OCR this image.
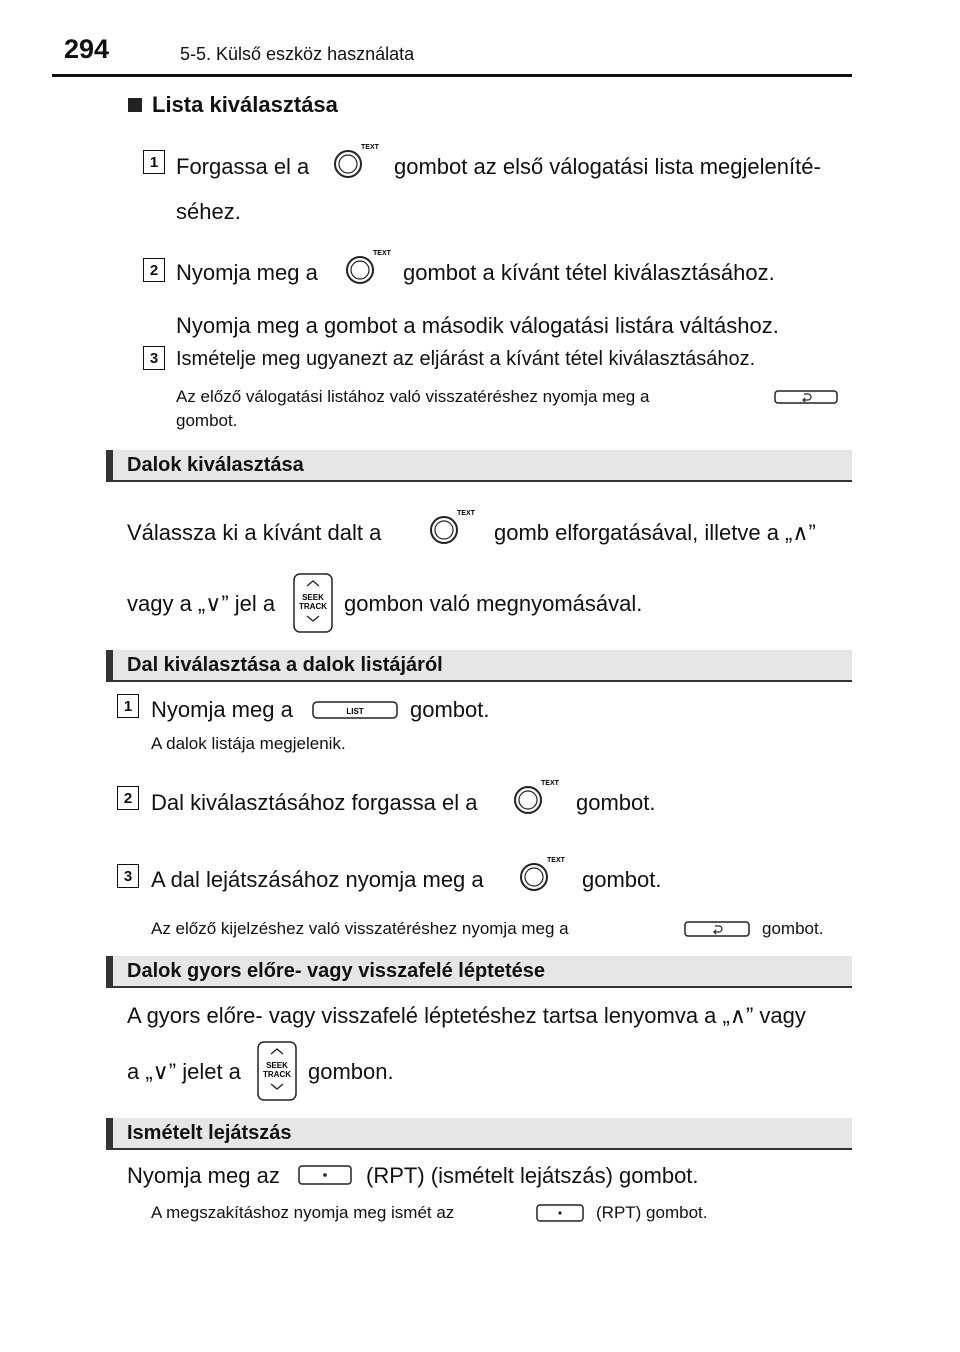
294	5-5. Külső eszköz használata
Lista kiválasztása
1 Forgassa el a
TEXT
gombot az első válogatási lista megjeleníté-
séhez.
2 Nyomja meg a
TEXT
gombot a kívánt tétel kiválasztásához.
Nyomja meg a gombot a második válogatási listára váltáshoz.
3 Ismételje meg ugyanezt az eljárást a kívánt tétel kiválasztásához.
Az előző válogatási listához való visszatéréshez nyomja meg a
gombot.
Dalok kiválasztása
Válassza ki a kívánt dalt a
TEXT
gomb elforgatásával, illetve a „∧”
vagy a „∨” jel a	SEEK
TRACK gombon való megnyomásával.
Dal kiválasztása a dalok listájáról
1 Nyomja meg a	LIST gombot.
A dalok listája megjelenik.
2 Dal kiválasztásához forgassa el a
TEXT
gombot.
3 A dal lejátszásához nyomja meg a
TEXT
gombot.
Az előző kijelzéshez való visszatéréshez nyomja meg a	gombot.
Dalok gyors előre- vagy visszafelé léptetése
A gyors előre- vagy visszafelé léptetéshez tartsa lenyomva a „∧” vagy
a „∨” jelet a	SEEK
TRACK gombon.
Ismételt lejátszás
Nyomja meg az	(RPT) (ismételt lejátszás) gombot.
A megszakításhoz nyomja meg ismét az	(RPT) gombot.
